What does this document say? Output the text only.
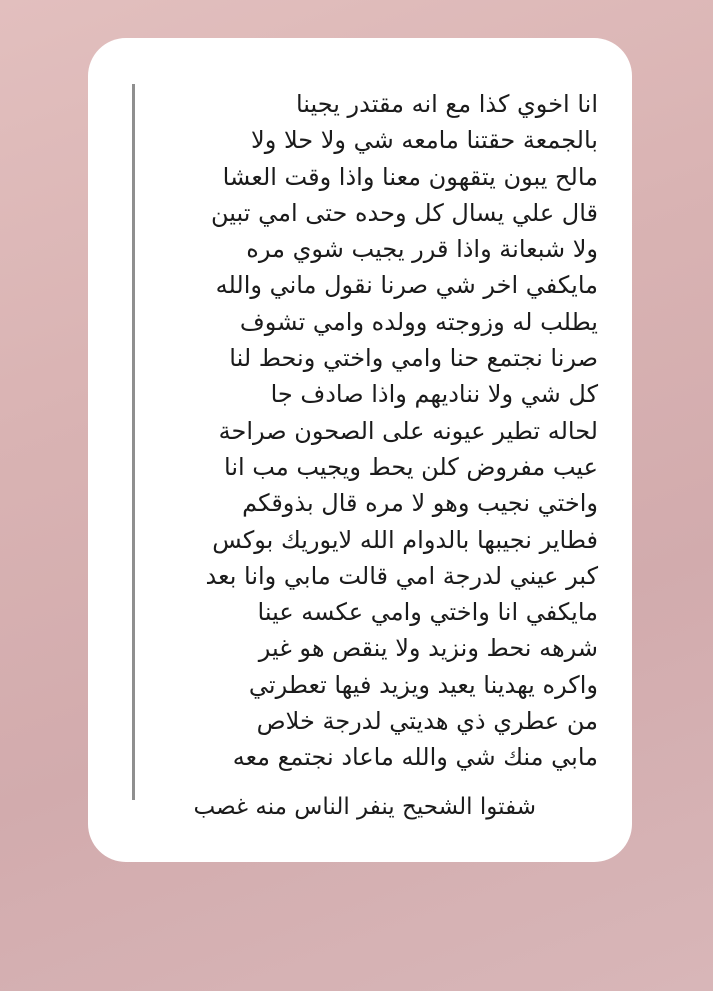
انا اخوي كذا مع انه مقتدر يجينا
بالجمعة حقتنا مامعه شي ولا حلا ولا
مالح يبون يتقهون معنا واذا وقت العشا
قال علي يسال كل وحده حتى امي تبين
ولا شبعانة واذا قرر يجيب شوي مره
مايكفي اخر شي صرنا نقول ماني والله
يطلب له وزوجته وولده وامي تشوف
صرنا نجتمع حنا وامي واختي ونحط لنا
كل شي ولا نناديهم واذا صادف جا
لحاله تطير عيونه على الصحون صراحة
عيب مفروض كلن يحط ويجيب مب انا
واختي نجيب وهو لا مره قال بذوقكم
فطاير نجيبها بالدوام الله لايوريك بوكس
كبر عيني لدرجة امي قالت مابي وانا بعد
مايكفي انا واختي وامي عكسه عينا
شرهه نحط ونزيد ولا ينقص هو غير
واكره يهدينا يعيد ويزيد فيها تعطرتي
من عطري ذي هديتي لدرجة خلاص
مابي منك شي والله ماعاد نجتمع معه
شفتوا الشحيح ينفر الناس منه غصب
